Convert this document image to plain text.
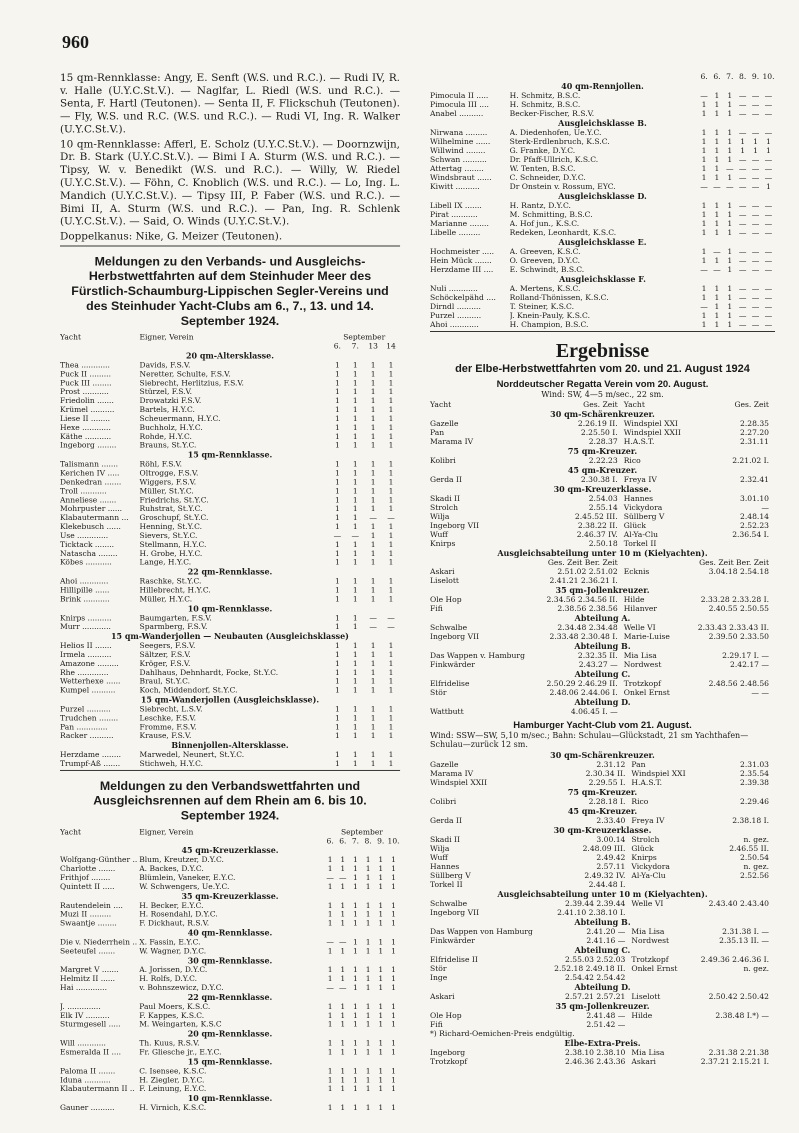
960

15 qm-Rennklasse: Angy, E. Senft (W.S. und R.C.). — Rudi IV, R. v. Halle (U.Y.C.St.V.). — Naglfar, L. Riedl (W.S. und R.C.). — Senta, F. Hartl (Teutonen). — Senta II, F. Flickschuh (Teutonen). — Fly, W.S. und R.C. (W.S. und R.C.). — Rudi VI, Ing. R. Walker (U.Y.C.St.V.).

10 qm-Rennklasse: Afferl, E. Scholz (U.Y.C.St.V.). — Doornzwijn, Dr. B. Stark (U.Y.C.St.V.). — Bimi I A. Sturm (W.S. und R.C.). — Tipsy, W. v. Benedikt (W.S. und R.C.). — Willy, W. Riedel (U.Y.C.St.V.). — Föhn, C. Knoblich (W.S. und R.C.). — Lo, Ing. L. Mandich (U.Y.C.St.V.). — Tipsy III, P. Faber (W.S. und R.C.). — Bimi II, A. Sturm (W.S. und R.C.). — Pan, Ing. R. Schlenk (U.Y.C.St.V.). — Said, O. Winds (U.Y.C.St.V.).

Doppelkanus: Nike, G. Meizer (Teutonen).

Meldungen zu den Verbands- und Ausgleichs-Herbstwettfahrten auf dem Steinhuder Meer des Fürstlich-Schaumburg-Lippischen Segler-Vereins und des Steinhuder Yacht-Clubs am 6., 7., 13. und 14. September 1924.
Yacht	Eigner, Verein	September			
		6.	7.	13	14
20 qm-Altersklasse.					
Thea ............	Davids, F.S.V.	1	1	1	1
Puck II .........	Neretter, Schulte, F.S.V.	1	1	1	1
Puck III ........	Siebrecht, Herlitzius, F.S.V.	1	1	1	1
Prost ...........	Stürzel, F.S.V.	1	1	1	1
Friedolin .......	Drowatzki F.S.V.	1	1	1	1
Krümel ..........	Bartels, H.Y.C.	1	1	1	1
Liese II ........	Scheuermann, H.Y.C.	1	1	1	1
Hexe ............	Buchholz, H.Y.C.	1	1	1	1
Käthe ...........	Rohde, H.Y.C.	1	1	1	1
Ingeborg ........	Brauns, St.Y.C.	1	1	1	1
15 qm-Rennklasse.					
Talismann .......	Röhl, F.S.V.	1	1	1	1
Kerichen IV .....	Oltrogge, F.S.V.	1	1	1	1
Denkedran .......	Wiggers, F.S.V.	1	1	1	1
Troll ...........	Müller, St.Y.C.	1	1	1	1
Anneliese .......	Friedrichs, St.Y.C.	1	1	1	1
Mohrpuster ......	Ruhstrat, St.Y.C.	1	1	1	1
Klabautermann ...	Groschupf, St.Y.C.	1	1	—	—
Klekebusch ......	Henning, St.Y.C.	1	1	1	1
Use .............	Sievers, St.Y.C.	—	—	1	1
Ticktack ........	Stellmann, H.Y.C.	1	1	1	1
Natascha ........	H. Grobe, H.Y.C.	1	1	1	1
Köbes ...........	Lange, H.Y.C.	1	1	1	1
22 qm-Rennklasse.					
Ahoi ............	Raschke, St.Y.C.	1	1	1	1
Hillipille ......	Hillebrecht, H.Y.C.	1	1	1	1
Brink ...........	Müller, H.Y.C.	1	1	1	1
10 qm-Rennklasse.					
Knirps ..........	Baumgarten, F.S.V.	1	1	—	—
Murr ............	Sparmberg, F.S.V.	1	1	—	—
15 qm-Wanderjollen — Neubauten (Ausgleichsklasse)					
Helios II .......	Seegers, F.S.V.	1	1	1	1
Irmela ..........	Sältzer, F.S.V.	1	1	1	1
Amazone .........	Kröger, F.S.V.	1	1	1	1
Rhe .............	Dahlhaus, Dehnhardt, Focke, St.Y.C.	1	1	1	1
Wetterhexe ......	Braul, St.Y.C.	1	1	1	1
Kumpel ..........	Koch, Middendorf, St.Y.C.	1	1	1	1
15 qm-Wanderjollen (Ausgleichsklasse).					
Purzel ..........	Siebrecht, L.S.V.	1	1	1	1
Trudchen ........	Leschke, F.S.V.	1	1	1	1
Pan .............	Fromme, F.S.V.	1	1	1	1
Racker ..........	Krause, F.S.V.	1	1	1	1
Binnenjollen-Altersklasse.					
Herzdame ........	Marwedel, Neunert, St.Y.C.	1	1	1	1
Trumpf-Aß .......	Stichweh, H.Y.C.	1	1	1	1
Meldungen zu den Verbandswettfahrten und Ausgleichsrennen auf dem Rhein am 6. bis 10. September 1924.
Yacht	Eigner, Verein	September					
		6.	6.	7.	8.	9.	10.
45 qm-Kreuzerklasse.							
Wolfgang-Günther ..	Blum, Kreutzer, D.Y.C.	1	1	1	1	1	1
Charlotte .......	A. Backes, D.Y.C.	1	1	1	1	1	1
Frithjof ........	Blümlein, Vaneker, E.Y.C.	—	—	1	1	1	1
Quintett II .....	W. Schwengers, Ue.Y.C.	1	1	1	1	1	1
35 qm-Kreuzerklasse.							
Rautendelein ....	H. Becker, E.Y.C.	1	1	1	1	1	1
Muzi II .........	H. Rosendahl, D.Y.C.	1	1	1	1	1	1
Swaantje ........	F. Dickhaut, R.S.V.	1	1	1	1	1	1
40 qm-Rennklasse.							
Die v. Niederrhein ..	X. Fassin, E.Y.C.	—	—	1	1	1	1
Seeteufel .......	W. Wagner, D.Y.C.	1	1	1	1	1	1
30 qm-Rennklasse.							
Margret V .......	A. Jorissen, D.Y.C.	1	1	1	1	1	1
Helmitz II ......	H. Rolfs, D.Y.C.	1	1	1	1	1	1
Hai .............	v. Bohnszewicz, D.Y.C.	—	—	1	1	1	1
22 qm-Rennklasse.							
J. ..............	Paul Moers, K.S.C.	1	1	1	1	1	1
Elk IV ..........	F. Kappes, K.S.C.	1	1	1	1	1	1
Sturmgesell .....	M. Weingarten, K.S.C	1	1	1	1	1	1
20 qm-Rennklasse.							
Will ............	Th. Kuus, R.S.V.	1	1	1	1	1	1
Esmeralda II ....	Fr. Gliesche jr., E.Y.C.	1	1	1	1	1	1
15 qm-Rennklasse.							
Paloma II .......	C. Isensee, K.S.C.	1	1	1	1	1	1
Iduna ...........	H. Ziegler, D.Y.C.	1	1	1	1	1	1
Klabautermann II ..	F. Leinung, E.Y.C.	1	1	1	1	1	1
10 qm-Rennklasse.							
Gauner ..........	H. Virnich, K.S.C.	1	1	1	1	1	1
		6.	6.	7.	8.	9.	10.
40 qm-Rennjollen.							
Pimocula II .....	H. Schmitz, B.S.C.	—	1	1	—	—	—
Pimocula III ....	H. Schmitz, B.S.C.	1	1	1	—	—	—
Anabel ..........	Becker-Fischer, R.S.V.	1	1	1	—	—	—
Ausgleichsklasse B.							
Nirwana .........	A. Diedenhofen, Ue.Y.C.	1	1	1	—	—	—
Wilhelmine ......	Sterk-Erdlenbruch, K.S.C.	1	1	1	1	1	1
Willwind ........	G. Franke, D.Y.C.	1	1	1	1	1	1
Schwan ..........	Dr. Pfaff-Ullrich, K.S.C.	1	1	1	—	—	—
Attertag ........	W. Tenten, B.S.C.	1	1	—	—	—	—
Windsbraut ......	C. Schneider, D.Y.C.	1	1	1	—	—	—
Kiwitt ..........	Dr Onstein v. Rossum, EYC.	—	—	—	—	—	1
Ausgleichsklasse D.							
Libell IX .......	H. Rantz, D.Y.C.	1	1	1	—	—	—
Pirat ...........	M. Schmitting, B.S.C.	1	1	1	—	—	—
Marianne ........	A. Hof jun., K.S.C.	1	1	1	—	—	—
Libelle .........	Redeken, Leonhardt, K.S.C.	1	1	1	—	—	—
Ausgleichsklasse E.							
Hochmeister .....	A. Greeven, K.S.C.	1	—	1	—	—	—
Hein Mück .......	O. Greeven, D.Y.C.	1	1	1	—	—	—
Herzdame III ....	E. Schwindt, B.S.C.	—	—	1	—	—	—
Ausgleichsklasse F.							
Nuli ............	A. Mertens, K.S.C.	1	1	1	—	—	—
Schöckelpähd ....	Rolland-Thönissen, K.S.C.	1	1	1	—	—	—
Dirndl ..........	T. Steiner, K.S.C.	—	1	1	—	—	—
Purzel ..........	J. Knein-Pauly, K.S.C.	1	1	1	—	—	—
Ahoi ............	H. Champion, B.S.C.	1	1	1	—	—	—
Ergebnisse
der Elbe-Herbstwettfahrten vom 20. und 21. August 1924
Norddeutscher Regatta Verein vom 20. August.
Wind: SW, 4—5 m/sec., 22 sm.
Yacht	Ges. Zeit	Yacht	Ges. Zeit
30 qm-Schärenkreuzer.			
Gazelle	2.26.19 II.	Windspiel XXI	2.28.35
Pan	2.25.50 I.	Windspiel XXII	2.27.20
Marama IV	2.28.37	H.A.S.T.	2.31.11
75 qm-Kreuzer.			
Kolibri	2.22.23	Rico	2.21.02 I.
45 qm-Kreuzer.			
Gerda II	2.30.38 I.	Freya IV	2.32.41
30 qm-Kreuzerklasse.			
Skadi II	2.54.03	Hannes	3.01.10
Strolch	2.55.14	Vickydora	—
Wilja	2.45.52 III.	Süllberg V	2.48.14
Ingeborg VII	2.38.22 II.	Glück	2.52.23
Wuff	2.46.37 IV.	Al-Ya-Clu	2.36.54 I.
Knirps	2.50.18	Torkel II	
Ausgleichsabteilung unter 10 m (Kielyachten).			
	Ges. Zeit Ber. Zeit		Ges. Zeit Ber. Zeit
Askari	2.51.02 2.51.02	Ecknis	3.04.18 2.54.18
Liselott	2.41.21 2.36.21 I.		
35 qm-Jollenkreuzer.			
Ole Hop	2.34.56 2.34.56 II.	Hilde	2.33.28 2.33.28 I.
Fifi	2.38.56 2.38.56	Hilanver	2.40.55 2.50.55
Abteilung A.			
Schwalbe	2.34.48 2.34.48	Welle VI	2.33.43 2.33.43 II.
Ingeborg VII	2.33.48 2.30.48 I.	Marie-Luise	2.39.50 2.33.50
Abteilung B.			
Das Wappen v. Hamburg	2.32.35 II.	Mia Lisa	2.29.17 I. —
Finkwärder	2.43.27 —	Nordwest	2.42.17 —
Abteilung C.			
Elfridelise	2.50.29 2.46.29 II.	Trotzkopf	2.48.56 2.48.56
Stör	2.48.06 2.44.06 I.	Onkel Ernst	— —
Abteilung D.			
Wattbutt	4.06.45 I. —		
Hamburger Yacht-Club vom 21. August.
Wind: SSW—SW, 5,10 m/sec.; Bahn: Schulau—Glückstadt, 21 sm Yachthafen—Schulau—zurück 12 sm.
30 qm-Schärenkreuzer.			
Gazelle	2.31.12	Pan	2.31.03
Marama IV	2.30.34 II.	Windspiel XXI	2.35.54
Windspiel XXII	2.29.55 I.	H.A.S.T.	2.39.38
75 qm-Kreuzer.			
Colibri	2.28.18 I.	Rico	2.29.46
45 qm-Kreuzer.			
Gerda II	2.33.40	Freya IV	2.38.18 I.
30 qm-Kreuzerklasse.			
Skadi II	3.00.14	Strolch	n. gez.
Wilja	2.48.09 III.	Glück	2.46.55 II.
Wuff	2.49.42	Knirps	2.50.54
Hannes	2.57.11	Vickydora	n. gez.
Süllberg V	2.49.32 IV.	Al-Ya-Clu	2.52.56
Torkel II	2.44.48 I.		
Ausgleichsabteilung unter 10 m (Kielyachten).			
Schwalbe	2.39.44 2.39.44	Welle VI	2.43.40 2.43.40
Ingeborg VII	2.41.10 2.38.10 I.		
Abteilung B.			
Das Wappen von Hamburg	2.41.20 —	Mia Lisa	2.31.38 I. —
Finkwärder	2.41.16 —	Nordwest	2.35.13 II. —
Abteilung C.			
Elfridelise II	2.55.03 2.52.03	Trotzkopf	2.49.36 2.46.36 I.
Stör	2.52.18 2.49.18 II.	Onkel Ernst	n. gez.
Inge	2.54.42 2.54.42		
Abteilung D.			
Askari	2.57.21 2.57.21	Liselott	2.50.42 2.50.42
35 qm-Jollenkreuzer.			
Ole Hop	2.41.48 —	Hilde	2.38.48 I.*) —
Fifi	2.51.42 —		
*) Richard-Oemichen-Preis endgültig.			
Elbe-Extra-Preis.			
Ingeborg	2.38.10 2.38.10	Mia Lisa	2.31.38 2.21.38
Trotzkopf	2.46.36 2.43.36	Askari	2.37.21 2.15.21 I.
